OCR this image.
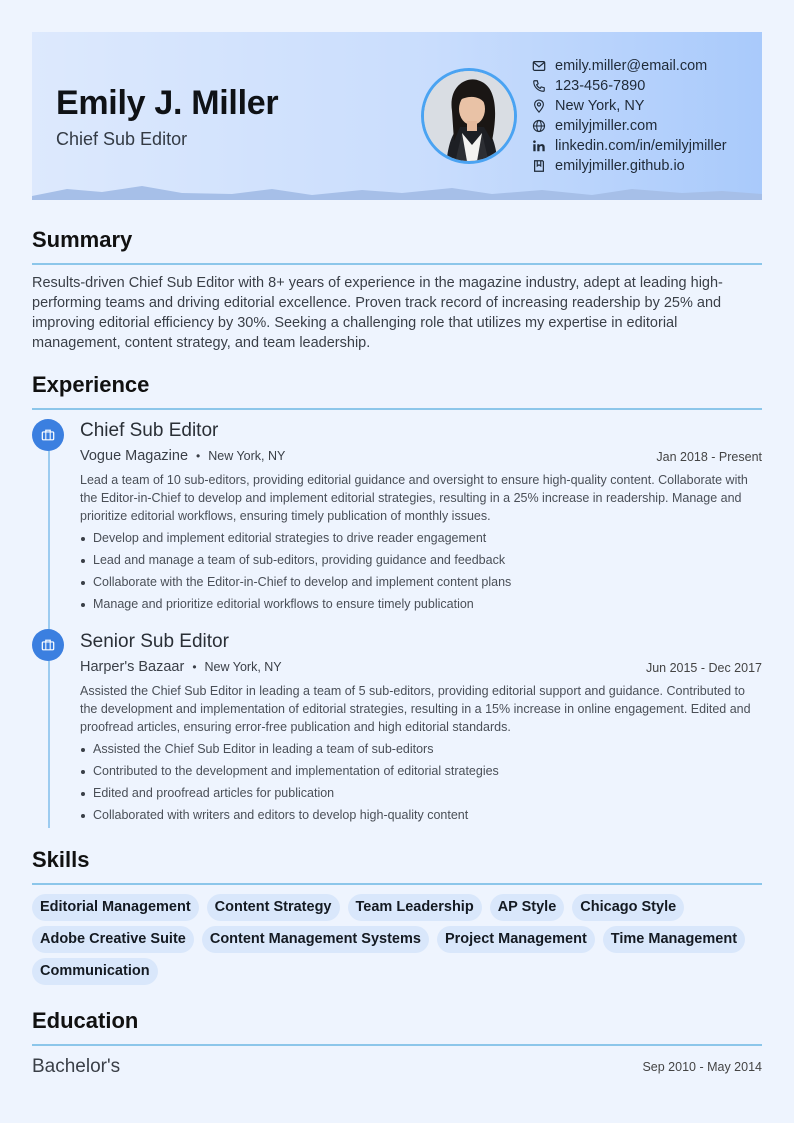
Emily J. Miller
Chief Sub Editor
emily.miller@email.com
123-456-7890
New York, NY
emilyjmiller.com
linkedin.com/in/emilyjmiller
emilyjmiller.github.io
Summary
Results-driven Chief Sub Editor with 8+ years of experience in the magazine industry, adept at leading high-performing teams and driving editorial excellence. Proven track record of increasing readership by 25% and improving editorial efficiency by 30%. Seeking a challenging role that utilizes my expertise in editorial management, content strategy, and team leadership.
Experience
Chief Sub Editor
Vogue Magazine • New York, NY	Jan 2018 - Present
Lead a team of 10 sub-editors, providing editorial guidance and oversight to ensure high-quality content. Collaborate with the Editor-in-Chief to develop and implement editorial strategies, resulting in a 25% increase in readership. Manage and prioritize editorial workflows, ensuring timely publication of monthly issues.
Develop and implement editorial strategies to drive reader engagement
Lead and manage a team of sub-editors, providing guidance and feedback
Collaborate with the Editor-in-Chief to develop and implement content plans
Manage and prioritize editorial workflows to ensure timely publication
Senior Sub Editor
Harper's Bazaar • New York, NY	Jun 2015 - Dec 2017
Assisted the Chief Sub Editor in leading a team of 5 sub-editors, providing editorial support and guidance. Contributed to the development and implementation of editorial strategies, resulting in a 15% increase in online engagement. Edited and proofread articles, ensuring error-free publication and high editorial standards.
Assisted the Chief Sub Editor in leading a team of sub-editors
Contributed to the development and implementation of editorial strategies
Edited and proofread articles for publication
Collaborated with writers and editors to develop high-quality content
Skills
Editorial Management	Content Strategy	Team Leadership	AP Style	Chicago Style
Adobe Creative Suite	Content Management Systems	Project Management	Time Management
Communication
Education
Bachelor's	Sep 2010 - May 2014
